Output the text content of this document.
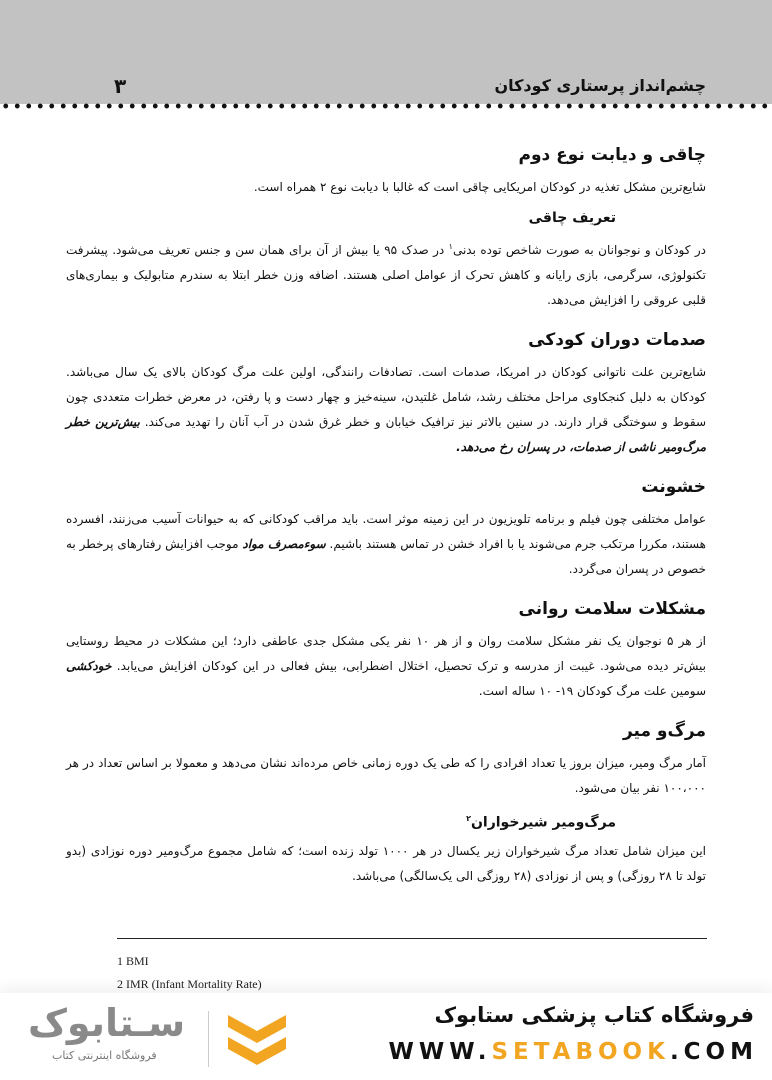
چشم‌انداز پرستاری کودکان
۳
چاقی و دیابت نوع دوم

شایع‌ترین مشکل تغذیه در کودکان امریکایی چاقی است که غالبا با دیابت نوع ۲ همراه است.

تعریف چاقی

در کودکان و نوجوانان به صورت شاخص توده بدنی$^۱$ در صدک ۹۵ یا بیش از آن برای همان سن و جنس تعریف می‌شود. پیشرفت تکنولوژی، سرگرمی، بازی رایانه و کاهش تحرک از عوامل اصلی هستند. اضافه وزن خطر ابتلا به سندرم متابولیک و بیماری‌های قلبی عروقی را افزایش می‌دهد.

صدمات دوران کودکی

شایع‌ترین علت ناتوانی کودکان در امریکا، صدمات است. تصادفات رانندگی، اولین علت مرگ کودکان بالای یک سال می‌باشد. کودکان به دلیل کنجکاوی مراحل مختلف رشد، شامل غلتیدن، سینه‌خیز و چهار دست و پا رفتن، در معرض خطرات متعددی چون سقوط و سوختگی قرار دارند. در سنین بالاتر نیز ترافیک خیابان و خطر غرق شدن در آب آنان را تهدید می‌کند. بیش‌ترین خطر مرگ‌ومیر ناشی از صدمات، در پسران رخ می‌دهد.

خشونت

عوامل مختلفی چون فیلم و برنامه تلویزیون در این زمینه موثر است. باید مراقب کودکانی که به حیوانات آسیب می‌زنند، افسرده هستند، مکررا مرتکب جرم می‌شوند یا با افراد خشن در تماس هستند باشیم. سوءمصرف مواد موجب افزایش رفتارهای پرخطر به خصوص در پسران می‌گردد.

مشکلات سلامت روانی

از هر ۵ نوجوان یک نفر مشکل سلامت روان و از هر ۱۰ نفر یکی مشکل جدی عاطفی دارد؛ این مشکلات در محیط روستایی بیش‌تر دیده می‌شود. غیبت از مدرسه و ترک تحصیل، اختلال اضطرابی، بیش فعالی در این کودکان افزایش می‌یابد. خودکشی سومین علت مرگ کودکان ۱۹- ۱۰ ساله است.

مرگ‌و میر

آمار مرگ ومیر، میزان بروز یا تعداد افرادی را که طی یک دوره زمانی خاص مرده‌اند نشان می‌دهد و معمولا بر اساس تعداد در هر ۱۰۰،۰۰۰ نفر بیان می‌شود.

مرگ‌ومیر شیرخواران$^۲$

این میزان شامل تعداد مرگ شیرخواران زیر یکسال در هر ۱۰۰۰ تولد زنده است؛ که شامل مجموع مرگ‌ومیر دوره نوزادی (بدو تولد تا ۲۸ روزگی) و پس از نوزادی (۲۸ روزگی الی یک‌سالگی) می‌باشد.

1 BMI
2 IMR (Infant Mortality Rate)
سـتابوک
فروشگاه اینترنتی کتاب
فروشگاه کتاب پزشکی ستابوک
WWW.SETABOOK.COM
